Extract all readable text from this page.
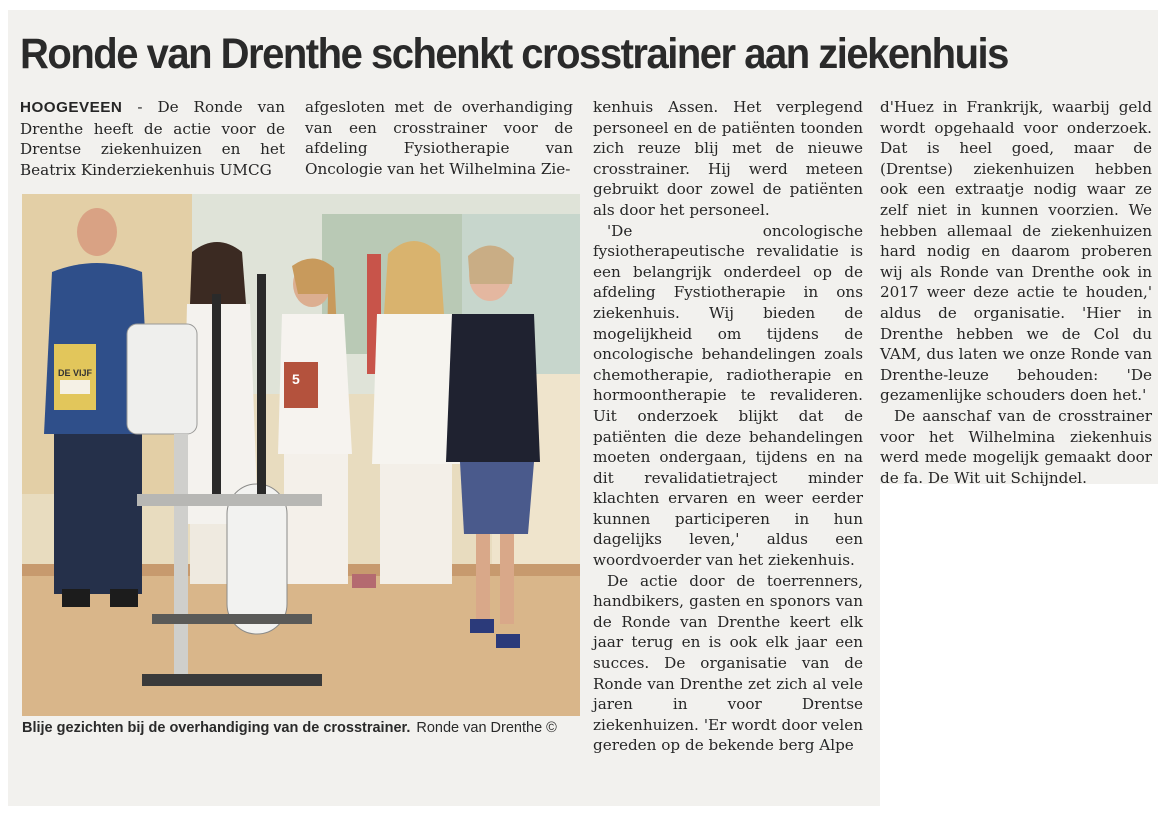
Ronde van Drenthe schenkt crosstrainer aan ziekenhuis

HOOGEVEEN - De Ronde van Drenthe heeft de actie voor de Drentse ziekenhuizen en het Beatrix Kinderziekenhuis UMCG

afgesloten met de overhandiging van een crosstrainer voor de afdeling Fysiotherapie van Oncologie van het Wilhelmina Zie-

DE VIJF	5
Blije gezichten bij de overhandiging van de crosstrainer. Ronde van Drenthe ©

kenhuis Assen. Het verplegend personeel en de patiënten toonden zich reuze blij met de nieuwe crosstrainer. Hij werd meteen gebruikt door zowel de patiënten als door het personeel.

'De oncologische fysiotherapeutische revalidatie is een belangrijk onderdeel op de afdeling Fystiotherapie in ons ziekenhuis. Wij bieden de mogelijkheid om tijdens de oncologische behandelingen zoals chemotherapie, radiotherapie en hormoontherapie te revalideren. Uit onderzoek blijkt dat de patiënten die deze behandelingen moeten ondergaan, tijdens en na dit revalidatietraject minder klachten ervaren en weer eerder kunnen participeren in hun dagelijks leven,' aldus een woordvoerder van het ziekenhuis.

De actie door de toerrenners, handbikers, gasten en sponors van de Ronde van Drenthe keert elk jaar terug en is ook elk jaar een succes. De organisatie van de Ronde van Drenthe zet zich al vele jaren in voor Drentse ziekenhuizen. 'Er wordt door velen gereden op de bekende berg Alpe

d'Huez in Frankrijk, waarbij geld wordt opgehaald voor onderzoek. Dat is heel goed, maar de (Drentse) ziekenhuizen hebben ook een extraatje nodig waar ze zelf niet in kunnen voorzien. We hebben allemaal de ziekenhuizen hard nodig en daarom proberen wij als Ronde van Drenthe ook in 2017 weer deze actie te houden,' aldus de organisatie. 'Hier in Drenthe hebben we de Col du VAM, dus laten we onze Ronde van Drenthe-leuze behouden: 'De gezamenlijke schouders doen het.'

De aanschaf van de crosstrainer voor het Wilhelmina ziekenhuis werd mede mogelijk gemaakt door de fa. De Wit uit Schijndel.
